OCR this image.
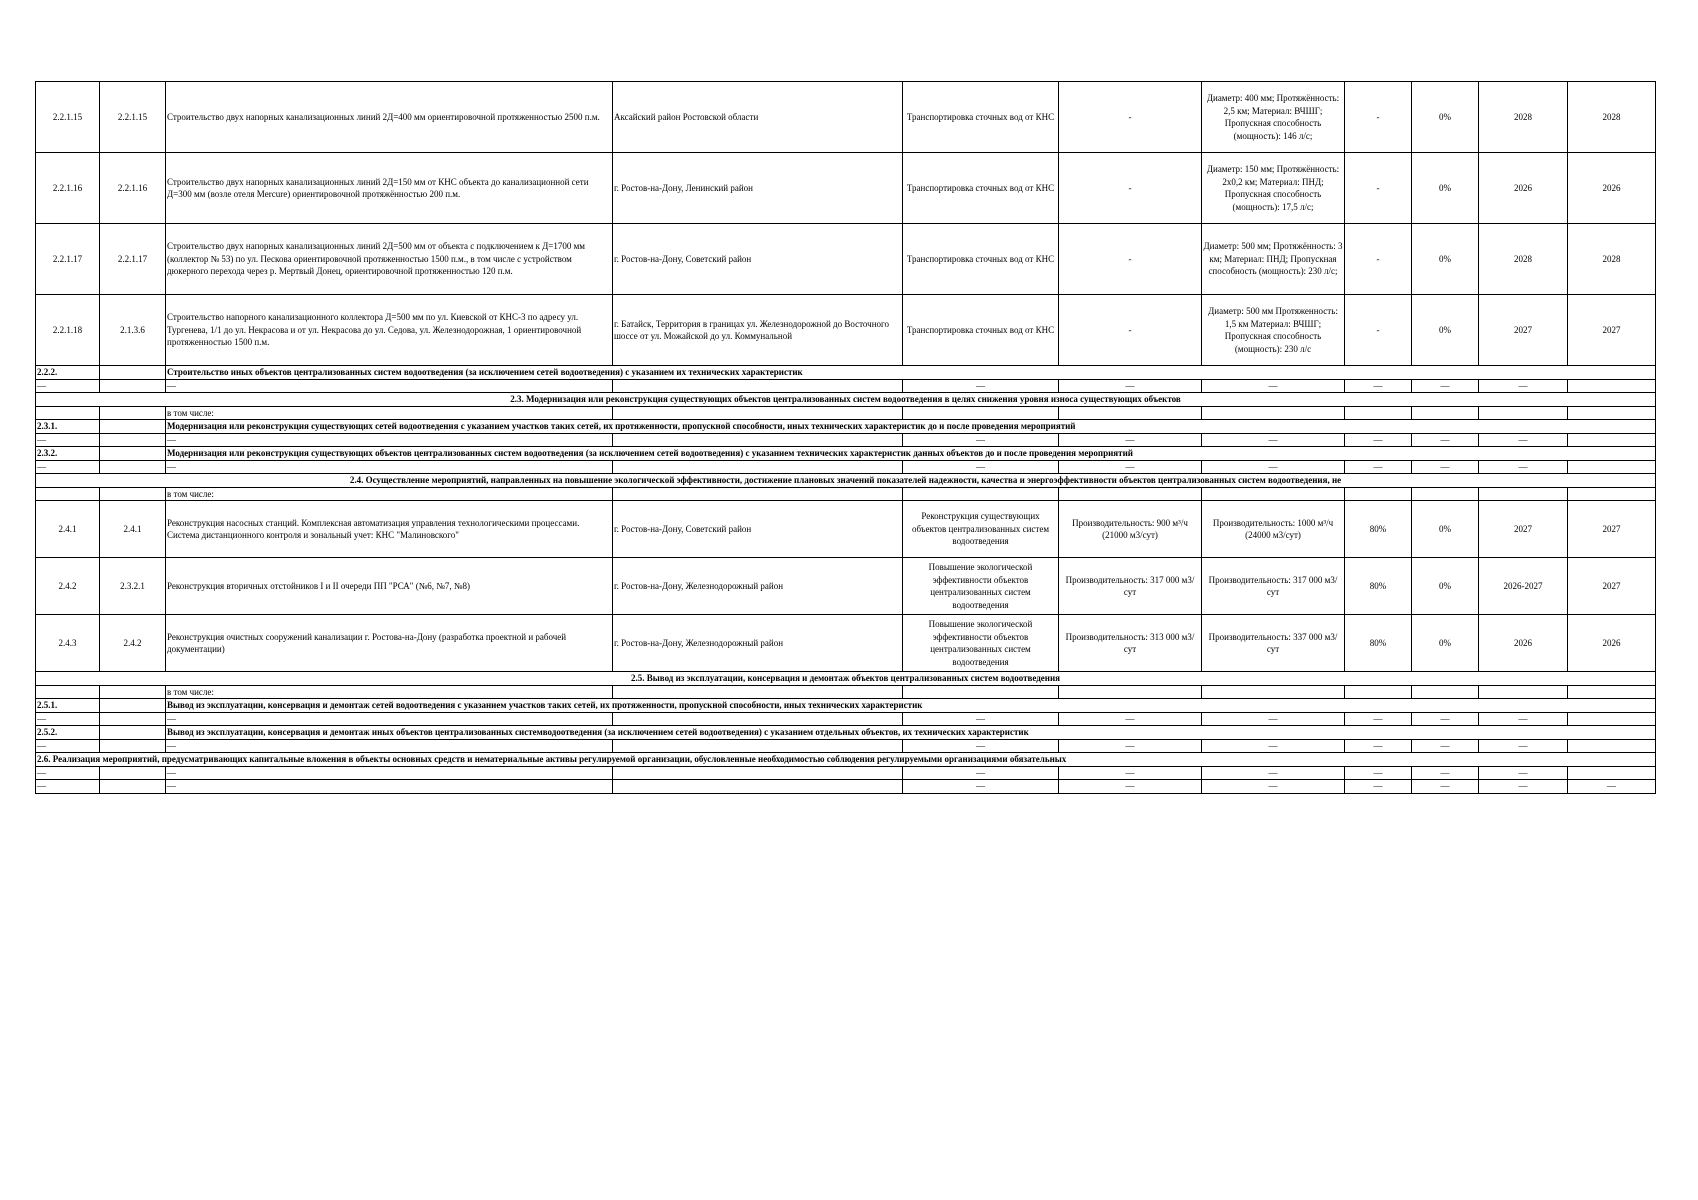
2.2.1.15	2.2.1.15	Строительство двух напорных канализационных линий 2Д=400 мм ориентировочной протяженностью 2500 п.м.	Аксайский район Ростовской области	Транспортировка сточных вод от КНС	-	Диаметр: 400 мм; Протяжённость: 2,5 км; Материал: ВЧШГ; Пропускная способность (мощность): 146 л/с;	-	0%	2028	2028
2.2.1.16	2.2.1.16	Строительство двух напорных канализационных линий 2Д=150 мм от КНС объекта до канализационной сети Д=300 мм (возле отеля Mercure) ориентировочной протяжённостью 200 п.м.	г. Ростов-на-Дону, Ленинский район	Транспортировка сточных вод от КНС	-	Диаметр: 150 мм; Протяжённость: 2х0,2 км; Материал: ПНД; Пропускная способность (мощность): 17,5 л/с;	-	0%	2026	2026
2.2.1.17	2.2.1.17	Строительство двух напорных канализационных линий 2Д=500 мм от объекта с подключением к Д=1700 мм (коллектор № 53) по ул. Пескова ориентировочной протяженностью 1500 п.м., в том числе с устройством дюкерного перехода через р. Мертвый Донец, ориентировочной протяженностью 120 п.м.	г. Ростов-на-Дону, Советский район	Транспортировка сточных вод от КНС	-	Диаметр: 500 мм; Протяжённость: 3 км; Материал: ПНД; Пропускная способность (мощность): 230 л/с;	-	0%	2028	2028
2.2.1.18	2.1.3.6	Строительство напорного канализационного коллектора Д=500 мм по ул. Киевской от КНС-3 по адресу ул. Тургенева, 1/1 до ул. Некрасова и от ул. Некрасова до ул. Седова, ул. Железнодорожная, 1 ориентировочной протяженностью 1500 п.м.	г. Батайск, Территория в границах ул. Железнодорожной до Восточного шоссе от ул. Можайской до ул. Коммунальной	Транспортировка сточных вод от КНС	-	Диаметр: 500 мм Протяженность: 1,5 км Материал: ВЧШГ; Пропускная способность (мощность): 230 л/с	-	0%	2027	2027
2.2.2.		Строительство иных объектов централизованных систем водоотведения (за исключением сетей водоотведения) с указанием их технических характеристик								
—		—		—	—	—	—	—	—	
2.3. Модернизация или реконструкция существующих объектов централизованных систем водоотведения в целях снижения уровня износа существующих объектов										
		в том числе:								
2.3.1.		Модернизация или реконструкция существующих сетей водоотведения с указанием участков таких сетей, их протяженности, пропускной способности, иных технических характеристик до и после проведения мероприятий								
—		—		—	—	—	—	—	—	
2.3.2.		Модернизация или реконструкция существующих объектов централизованных систем водоотведения (за исключением сетей водоотведения) с указанием технических характеристик данных объектов до и после проведения мероприятий								
—		—		—	—	—	—	—	—	
2.4. Осуществление мероприятий, направленных на повышение экологической эффективности, достижение плановых значений показателей надежности, качества и энергоэффективности объектов централизованных систем водоотведения, не										
		в том числе:								
2.4.1	2.4.1	Реконструкция насосных станций. Комплексная автоматизация управления технологическими процессами. Система дистанционного контроля и зональный учет: КНС "Малиновского"	г. Ростов-на-Дону, Советский район	Реконструкция существующих объектов централизованных систем водоотведения	Производительность: 900 м³/ч (21000 м3/сут)	Производительность: 1000 м³/ч (24000 м3/сут)	80%	0%	2027	2027
2.4.2	2.3.2.1	Реконструкция вторичных отстойников I и II очереди ПП "РСА" (№6, №7, №8)	г. Ростов-на-Дону, Железнодорожный район	Повышение экологической эффективности объектов централизованных систем водоотведения	Производительность: 317 000 м3/сут	Производительность: 317 000 м3/сут	80%	0%	2026-2027	2027
2.4.3	2.4.2	Реконструкция очистных сооружений канализации г. Ростова-на-Дону (разработка проектной и рабочей документации)	г. Ростов-на-Дону, Железнодорожный район	Повышение экологической эффективности объектов централизованных систем водоотведения	Производительность: 313 000 м3/сут	Производительность: 337 000 м3/сут	80%	0%	2026	2026
2.5. Вывод из эксплуатации, консервация и демонтаж объектов централизованных систем водоотведения										
		в том числе:								
2.5.1.		Вывод из эксплуатации, консервация и демонтаж сетей водоотведения с указанием участков таких сетей, их протяженности, пропускной способности, иных технических характеристик								
—		—		—	—	—	—	—	—	
2.5.2.		Вывод из эксплуатации, консервация и демонтаж иных объектов централизованных системводоотведения (за исключением сетей водоотведения) с указанием отдельных объектов, их технических характеристик								
—		—		—	—	—	—	—	—	
2.6. Реализация мероприятий, предусматривающих капитальные вложения в объекты основных средств и нематериальные активы регулируемой организации, обусловленные необходимостью соблюдения регулируемыми организациями обязательных										
—		—		—	—	—	—	—	—	
—		—		—	—	—	—	—	—	—
